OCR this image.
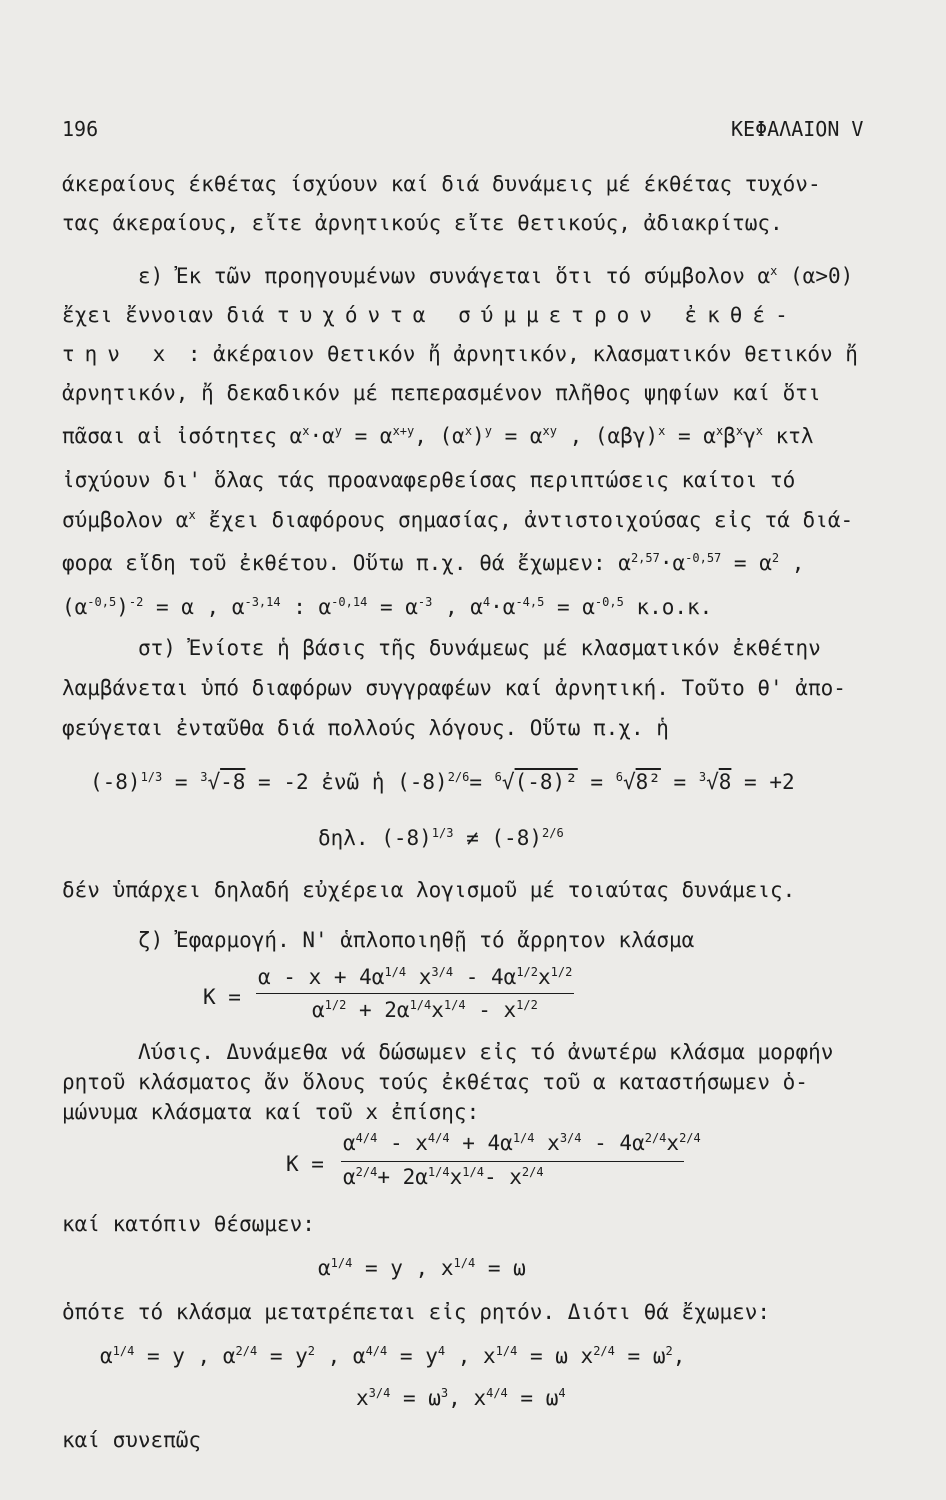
196	ΚΕΦΑΛΑΙΟΝ V
άκεραίους έκθέτας ίσχύουν καί διά δυνάμεις μέ έκθέτας τυχόν-
τας άκεραίους, εἴτε ἀρνητικούς εἴτε θετικούς, ἀδιακρίτως.
ε) Ἐκ τῶν προηγουμένων συνάγεται ὅτι τό σύμβολον $\alpha^x$ (α>0)
ἔχει ἔννοιαν διά τυχόντα σύμμετρον ἐκθέ-
την x : ἀκέραιον θετικόν ἤ ἀρνητικόν, κλασματικόν θετικόν ἤ
ἀρνητικόν, ἤ δεκαδικόν μέ πεπερασμένον πλῆθος ψηφίων καί ὅτι
πᾶσαι αἱ ἰσότητες $\alpha^x\cdot\alpha^y = \alpha^{x+y}$, $(\alpha^x)^y = \alpha^{xy}$ , $(\alpha\beta\gamma)^x = \alpha^x\beta^x\gamma^x$ κτλ
ἰσχύουν δι' ὅλας τάς προαναφερθείσας περιπτώσεις καίτοι τό
σύμβολον $\alpha^x$ ἔχει διαφόρους σημασίας, ἀντιστοιχούσας εἰς τά διά-
φορα εἴδη τοῦ ἐκθέτου. Οὕτω π.χ. θά ἔχωμεν: $\alpha^{2,57}\cdot\alpha^{-0,57} = \alpha^2$ ,
$(\alpha^{-0,5})^{-2} = \alpha$ , $\alpha^{-3,14}$ : $\alpha^{-0,14} = \alpha^{-3}$ , $\alpha^4\cdot\alpha^{-4,5} = \alpha^{-0,5}$ κ.ο.κ.
στ) Ἐνίοτε ἡ βάσις τῆς δυνάμεως μέ κλασματικόν ἐκθέτην
λαμβάνεται ὑπό διαφόρων συγγραφέων καί ἀρνητική. Τοῦτο θ' ἀπο-
φεύγεται ἐνταῦθα διά πολλούς λόγους. Οὕτω π.χ. ἡ
$(-8)^{1/3} = ^3√-8 = -2$ ἐνῶ ἡ $(-8)^{2/6}= ^6√(-8)^2 = ^6√8^2 = ^3√8 = +2$
δηλ. $(-8)^{1/3} \ne (-8)^{2/6}$
δέν ὑπάρχει δηλαδή εὐχέρεια λογισμοῦ μέ τοιαύτας δυνάμεις.
ζ) Ἐφαρμογή. Ν' ἁπλοποιηθῇ τό ἄρρητον κλάσμα
K =
$\alpha - x + 4\alpha^{1/4}$ $x^{3/4} - 4\alpha^{1/2}x^{1/2}$
$\alpha^{1/2} + 2\alpha^{1/4}x^{1/4} - x^{1/2}$
Λύσις. Δυνάμεθα νά δώσωμεν εἰς τό ἀνωτέρω κλάσμα μορφήν
ρητοῦ κλάσματος ἄν ὅλους τούς ἐκθέτας τοῦ α καταστήσωμεν ὁ-
μώνυμα κλάσματα καί τοῦ x ἐπίσης:
K =
$\alpha^{4/4} - x^{4/4} + 4\alpha^{1/4}$ $x^{3/4} - 4\alpha^{2/4}x^{2/4}$
$\alpha^{2/4}+ 2\alpha^{1/4}x^{1/4}-$ $x^{2/4}$
καί κατόπιν θέσωμεν:
$\alpha^{1/4} = y$ , $x^{1/4} = \omega$
ὁπότε τό κλάσμα μετατρέπεται εἰς ρητόν. Διότι θά ἔχωμεν:
$\alpha^{1/4} = y$ , $\alpha^{2/4} = y^2$ , $\alpha^{4/4} = y^4$ , $x^{1/4} = \omega$ $x^{2/4} = \omega^2$,
$x^{3/4} = \omega^3$, $x^{4/4} = \omega^4$
καί συνεπῶς
